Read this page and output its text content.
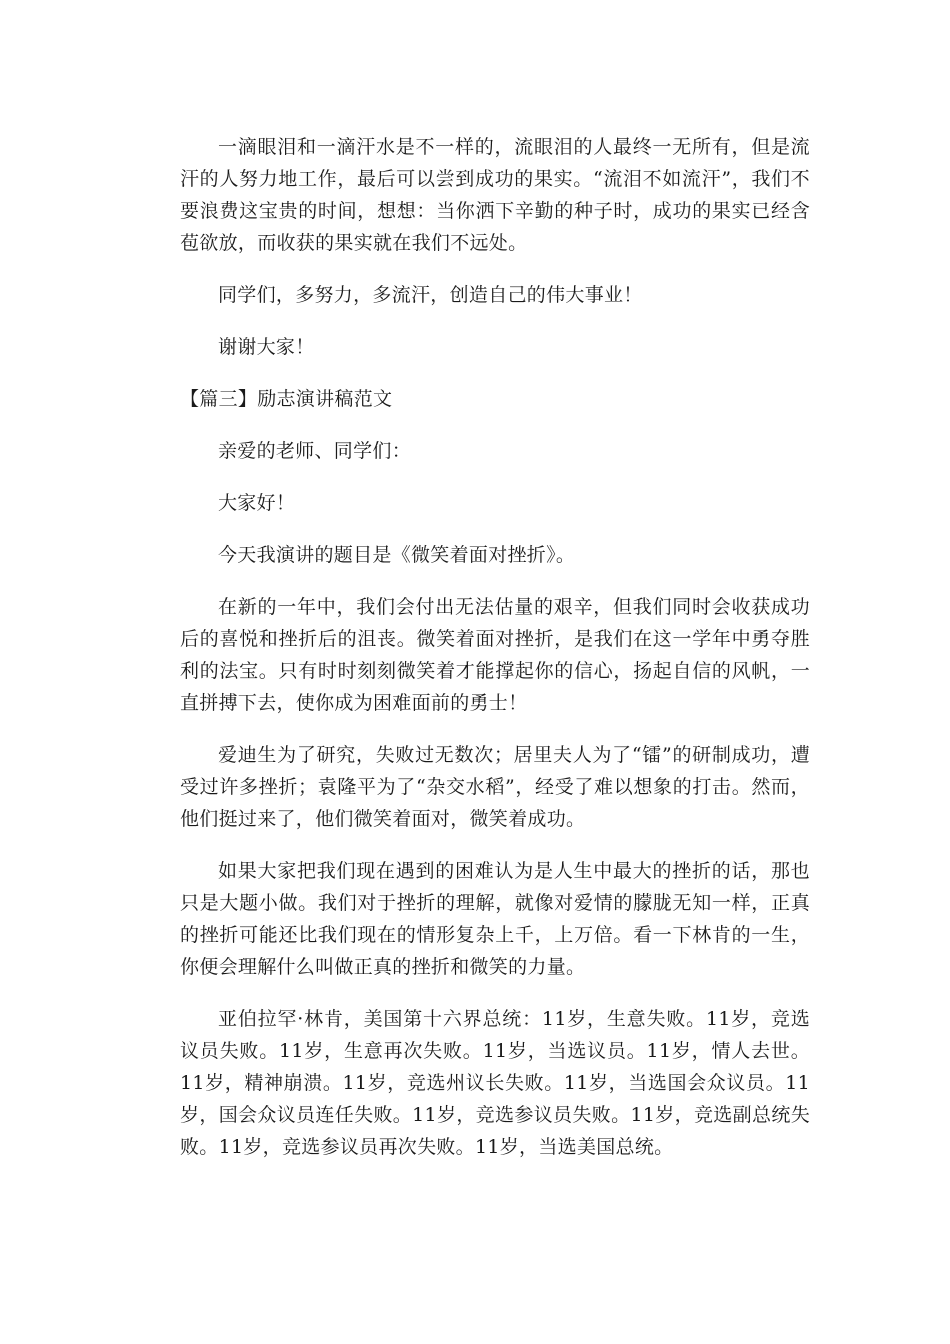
一滴眼泪和一滴汗水是不一样的，流眼泪的人最终一无所有，但是流汗的人努力地工作，最后可以尝到成功的果实。“流泪不如流汗”，我们不要浪费这宝贵的时间，想想：当你洒下辛勤的种子时，成功的果实已经含苞欲放，而收获的果实就在我们不远处。

同学们，多努力，多流汗，创造自己的伟大事业！

谢谢大家！

【篇三】励志演讲稿范文

亲爱的老师、同学们：

大家好！

今天我演讲的题目是《微笑着面对挫折》。

在新的一年中，我们会付出无法估量的艰辛，但我们同时会收获成功后的喜悦和挫折后的沮丧。微笑着面对挫折，是我们在这一学年中勇夺胜利的法宝。只有时时刻刻微笑着才能撑起你的信心，扬起自信的风帆，一直拼搏下去，使你成为困难面前的勇士！

爱迪生为了研究，失败过无数次；居里夫人为了“镭”的研制成功，遭受过许多挫折；袁隆平为了“杂交水稻”，经受了难以想象的打击。然而，他们挺过来了，他们微笑着面对，微笑着成功。

如果大家把我们现在遇到的困难认为是人生中最大的挫折的话，那也只是大题小做。我们对于挫折的理解，就像对爱情的朦胧无知一样，正真的挫折可能还比我们现在的情形复杂上千，上万倍。看一下林肯的一生，你便会理解什么叫做正真的挫折和微笑的力量。

亚伯拉罕·林肯，美国第十六界总统：11岁，生意失败。11岁，竞选议员失败。11岁，生意再次失败。11岁，当选议员。11岁，情人去世。11岁，精神崩溃。11岁，竞选州议长失败。11岁，当选国会众议员。11岁，国会众议员连任失败。11岁，竞选参议员失败。11岁，竞选副总统失败。11岁，竞选参议员再次失败。11岁，当选美国总统。
